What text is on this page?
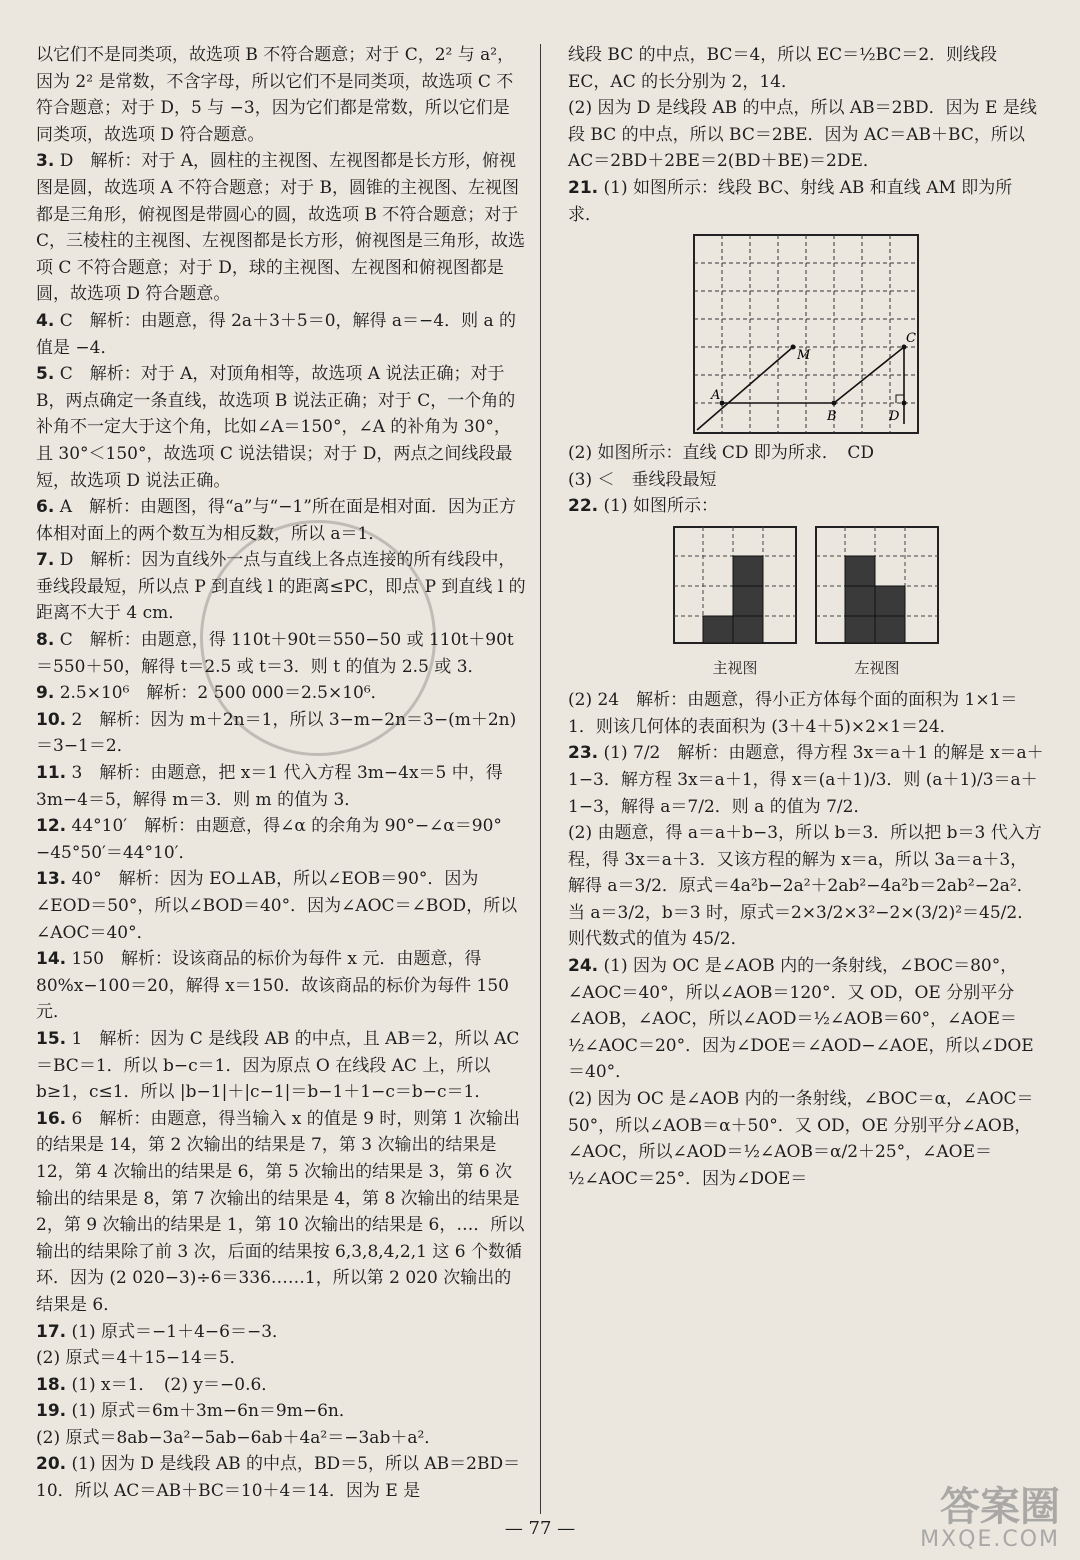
以它们不是同类项，故选项 B 不符合题意；对于 C，2² 与 a²，因为 2² 是常数，不含字母，所以它们不是同类项，故选项 C 不符合题意；对于 D，5 与 −3，因为它们都是常数，所以它们是同类项，故选项 D 符合题意。

3. D　解析：对于 A，圆柱的主视图、左视图都是长方形，俯视图是圆，故选项 A 不符合题意；对于 B，圆锥的主视图、左视图都是三角形，俯视图是带圆心的圆，故选项 B 不符合题意；对于 C，三棱柱的主视图、左视图都是长方形，俯视图是三角形，故选项 C 不符合题意；对于 D，球的主视图、左视图和俯视图都是圆，故选项 D 符合题意。

4. C　解析：由题意，得 2a＋3＋5＝0，解得 a＝−4．则 a 的值是 −4．

5. C　解析：对于 A，对顶角相等，故选项 A 说法正确；对于 B，两点确定一条直线，故选项 B 说法正确；对于 C，一个角的补角不一定大于这个角，比如∠A＝150°，∠A 的补角为 30°，且 30°＜150°，故选项 C 说法错误；对于 D，两点之间线段最短，故选项 D 说法正确。

6. A　解析：由题图，得“a”与“−1”所在面是相对面．因为正方体相对面上的两个数互为相反数，所以 a＝1．

7. D　解析：因为直线外一点与直线上各点连接的所有线段中，垂线段最短，所以点 P 到直线 l 的距离≤PC，即点 P 到直线 l 的距离不大于 4 cm．

8. C　解析：由题意，得 110t＋90t＝550−50 或 110t＋90t＝550＋50，解得 t＝2.5 或 t＝3．则 t 的值为 2.5 或 3．

9. 2.5×10⁶　解析：2 500 000＝2.5×10⁶．

10. 2　解析：因为 m＋2n＝1，所以 3−m−2n＝3−(m＋2n)＝3−1＝2．

11. 3　解析：由题意，把 x＝1 代入方程 3m−4x＝5 中，得 3m−4＝5，解得 m＝3．则 m 的值为 3．

12. 44°10′　解析：由题意，得∠α 的余角为 90°−∠α＝90°−45°50′＝44°10′．

13. 40°　解析：因为 EO⊥AB，所以∠EOB＝90°．因为∠EOD＝50°，所以∠BOD＝40°．因为∠AOC＝∠BOD，所以∠AOC＝40°．

14. 150　解析：设该商品的标价为每件 x 元．由题意，得 80%x−100＝20，解得 x＝150．故该商品的标价为每件 150 元．

15. 1　解析：因为 C 是线段 AB 的中点，且 AB＝2，所以 AC＝BC＝1．所以 b−c＝1．因为原点 O 在线段 AC 上，所以 b≥1，c≤1．所以 |b−1|＋|c−1|＝b−1＋1−c＝b−c＝1．

16. 6　解析：由题意，得当输入 x 的值是 9 时，则第 1 次输出的结果是 14，第 2 次输出的结果是 7，第 3 次输出的结果是 12，第 4 次输出的结果是 6，第 5 次输出的结果是 3，第 6 次输出的结果是 8，第 7 次输出的结果是 4，第 8 次输出的结果是 2，第 9 次输出的结果是 1，第 10 次输出的结果是 6，…．所以输出的结果除了前 3 次，后面的结果按 6,3,8,4,2,1 这 6 个数循环．因为 (2 020−3)÷6＝336……1，所以第 2 020 次输出的结果是 6．

17. (1) 原式＝−1＋4−6＝−3．

(2) 原式＝4＋15−14＝5．

18. (1) x＝1．　(2) y＝−0.6．

19. (1) 原式＝6m＋3m−6n＝9m−6n．

(2) 原式＝8ab−3a²−5ab−6ab＋4a²＝−3ab＋a²．

20. (1) 因为 D 是线段 AB 的中点，BD＝5，所以 AB＝2BD＝10．所以 AC＝AB＋BC＝10＋4＝14．因为 E 是

线段 BC 的中点，BC＝4，所以 EC＝½BC＝2．则线段 EC，AC 的长分别为 2，14．

(2) 因为 D 是线段 AB 的中点，所以 AB＝2BD．因为 E 是线段 BC 的中点，所以 BC＝2BE．因为 AC＝AB＋BC，所以 AC＝2BD＋2BE＝2(BD＋BE)＝2DE．

21. (1) 如图所示：线段 BC、射线 AB 和直线 AM 即为所求．

A
M
C
B	D

(2) 如图所示：直线 CD 即为所求．　CD

(3) ＜　垂线段最短

22. (1) 如图所示：

主视图	左视图

(2) 24　解析：由题意，得小正方体每个面的面积为 1×1＝1．则该几何体的表面积为 (3＋4＋5)×2×1＝24．

23. (1) 7/2　解析：由题意，得方程 3x＝a＋1 的解是 x＝a＋1−3．解方程 3x＝a＋1，得 x＝(a＋1)/3．则 (a＋1)/3＝a＋1−3，解得 a＝7/2．则 a 的值为 7/2．

(2) 由题意，得 a＝a＋b−3，所以 b＝3．所以把 b＝3 代入方程，得 3x＝a＋3．又该方程的解为 x＝a，所以 3a＝a＋3，解得 a＝3/2．原式＝4a²b−2a²＋2ab²−4a²b＝2ab²−2a²．当 a＝3/2，b＝3 时，原式＝2×3/2×3²−2×(3/2)²＝45/2．则代数式的值为 45/2．

24. (1) 因为 OC 是∠AOB 内的一条射线，∠BOC＝80°，∠AOC＝40°，所以∠AOB＝120°．又 OD，OE 分别平分∠AOB，∠AOC，所以∠AOD＝½∠AOB＝60°，∠AOE＝½∠AOC＝20°．因为∠DOE＝∠AOD−∠AOE，所以∠DOE＝40°．

(2) 因为 OC 是∠AOB 内的一条射线，∠BOC＝α，∠AOC＝50°，所以∠AOB＝α＋50°．又 OD，OE 分别平分∠AOB，∠AOC，所以∠AOD＝½∠AOB＝α/2＋25°，∠AOE＝½∠AOC＝25°．因为∠DOE＝

— 77 —	答案圈
MXQE.COM
